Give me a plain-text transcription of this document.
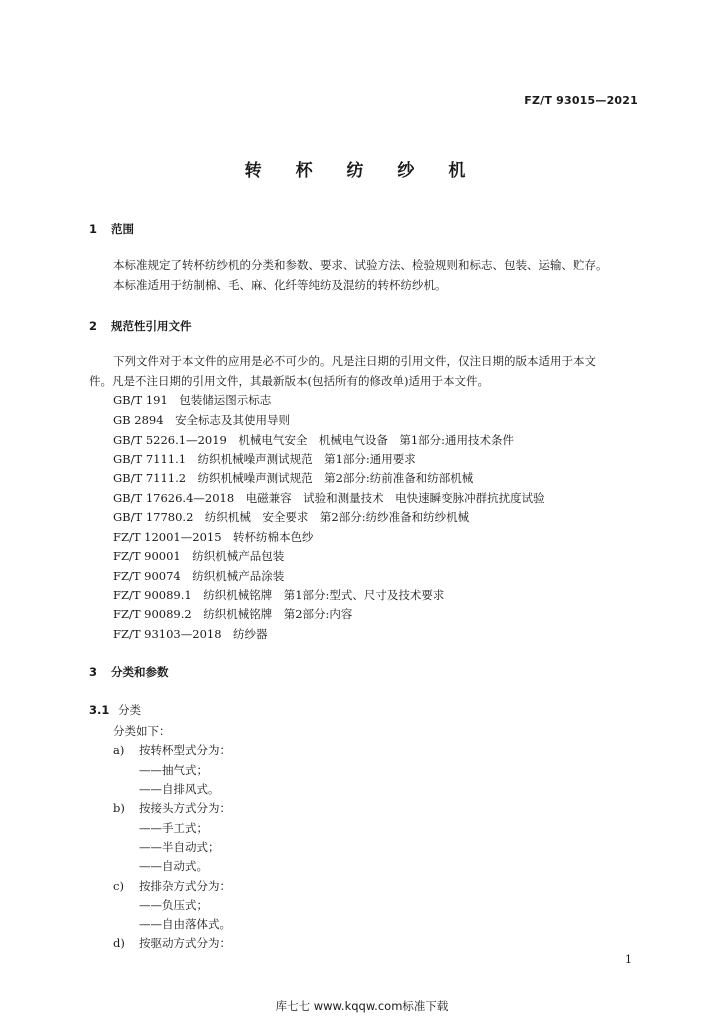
FZ/T 93015—2021
转 杯 纺 纱 机
1 范围
本标准规定了转杯纺纱机的分类和参数、要求、试验方法、检验规则和标志、包装、运输、贮存。
本标准适用于纺制棉、毛、麻、化纤等纯纺及混纺的转杯纺纱机。
2 规范性引用文件
下列文件对于本文件的应用是必不可少的。凡是注日期的引用文件，仅注日期的版本适用于本文
件。凡是不注日期的引用文件，其最新版本(包括所有的修改单)适用于本文件。
GB/T 191　 包装储运图示标志
GB 2894　 安全标志及其使用导则
GB/T 5226.1—2019　 机械电气安全　机械电气设备　第1部分:通用技术条件
GB/T 7111.1　 纺织机械噪声测试规范　第1部分:通用要求
GB/T 7111.2　 纺织机械噪声测试规范　第2部分:纺前准备和纺部机械
GB/T 17626.4—2018　 电磁兼容　试验和测量技术　电快速瞬变脉冲群抗扰度试验
GB/T 17780.2　 纺织机械　安全要求　第2部分:纺纱准备和纺纱机械
FZ/T 12001—2015　 转杯纺棉本色纱
FZ/T 90001　 纺织机械产品包装
FZ/T 90074　 纺织机械产品涂装
FZ/T 90089.1　 纺织机械铭牌　第1部分:型式、尺寸及技术要求
FZ/T 90089.2　 纺织机械铭牌　第2部分:内容
FZ/T 93103—2018　 纺纱器
3 分类和参数
3.1 分类
分类如下：
a) 按转杯型式分为：
——抽气式；
——自排风式。
b) 按接头方式分为：
——手工式；
——半自动式；
——自动式。
c) 按排杂方式分为：
——负压式；
——自由落体式。
d) 按驱动方式分为：
1
库七七 www.kqqw.com标准下载
